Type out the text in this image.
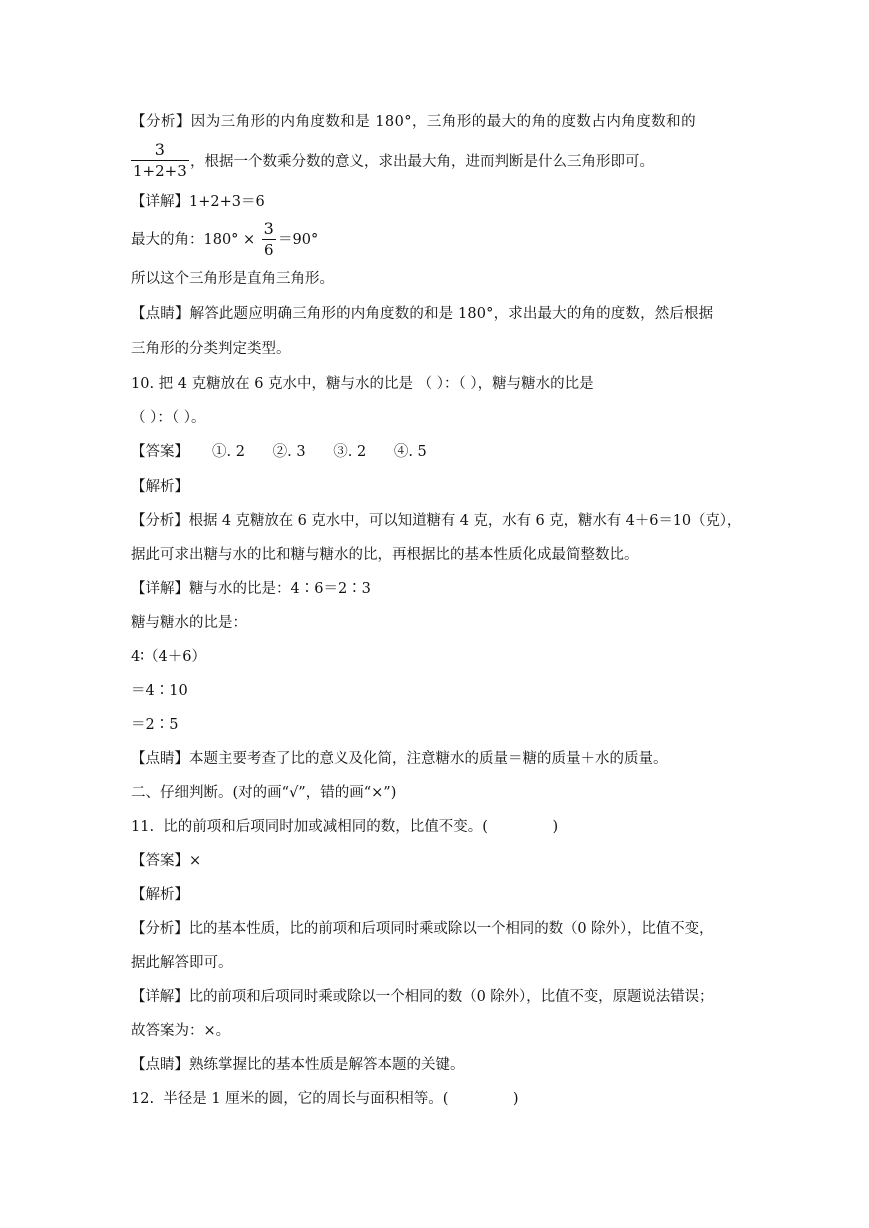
【分析】因为三角形的内角度数和是 180°，三角形的最大的角的度数占内角度数和的
$\frac{3}{1+2+3}$ ，根据一个数乘分数的意义，求出最大角，进而判断是什么三角形即可。
【详解】1+2+3＝6
最大的角：$180^\circ \times \frac{3}{6} =90^\circ$
所以这个三角形是直角三角形。
【点睛】解答此题应明确三角形的内角度数的和是 180°，求出最大的角的度数，然后根据
三角形的分类判定类型。
10. 把 4 克糖放在 6 克水中，糖与水的比是 （ ）：（ ），糖与糖水的比是
（ ）：（ ）。
【答案】     ①. 2      ②. 3      ③. 2      ④. 5
【解析】
【分析】根据 4 克糖放在 6 克水中，可以知道糖有 4 克，水有 6 克，糖水有 4＋6＝10（克），
据此可求出糖与水的比和糖与糖水的比，再根据比的基本性质化成最简整数比。
【详解】糖与水的比是：4∶6＝2∶3
糖与糖水的比是：
4∶（4＋6）
＝4∶10
＝2∶5
【点睛】本题主要考查了比的意义及化简，注意糖水的质量＝糖的质量＋水的质量。
二、仔细判断。(对的画“√”，错的画“×”)
11.  比的前项和后项同时加或减相同的数，比值不变。(              )
【答案】×
【解析】
【分析】比的基本性质，比的前项和后项同时乘或除以一个相同的数（0 除外），比值不变，
据此解答即可。
【详解】比的前项和后项同时乘或除以一个相同的数（0 除外），比值不变，原题说法错误；
故答案为：×。
【点睛】熟练掌握比的基本性质是解答本题的关键。
12.  半径是 1 厘米的圆，它的周长与面积相等。(              )
